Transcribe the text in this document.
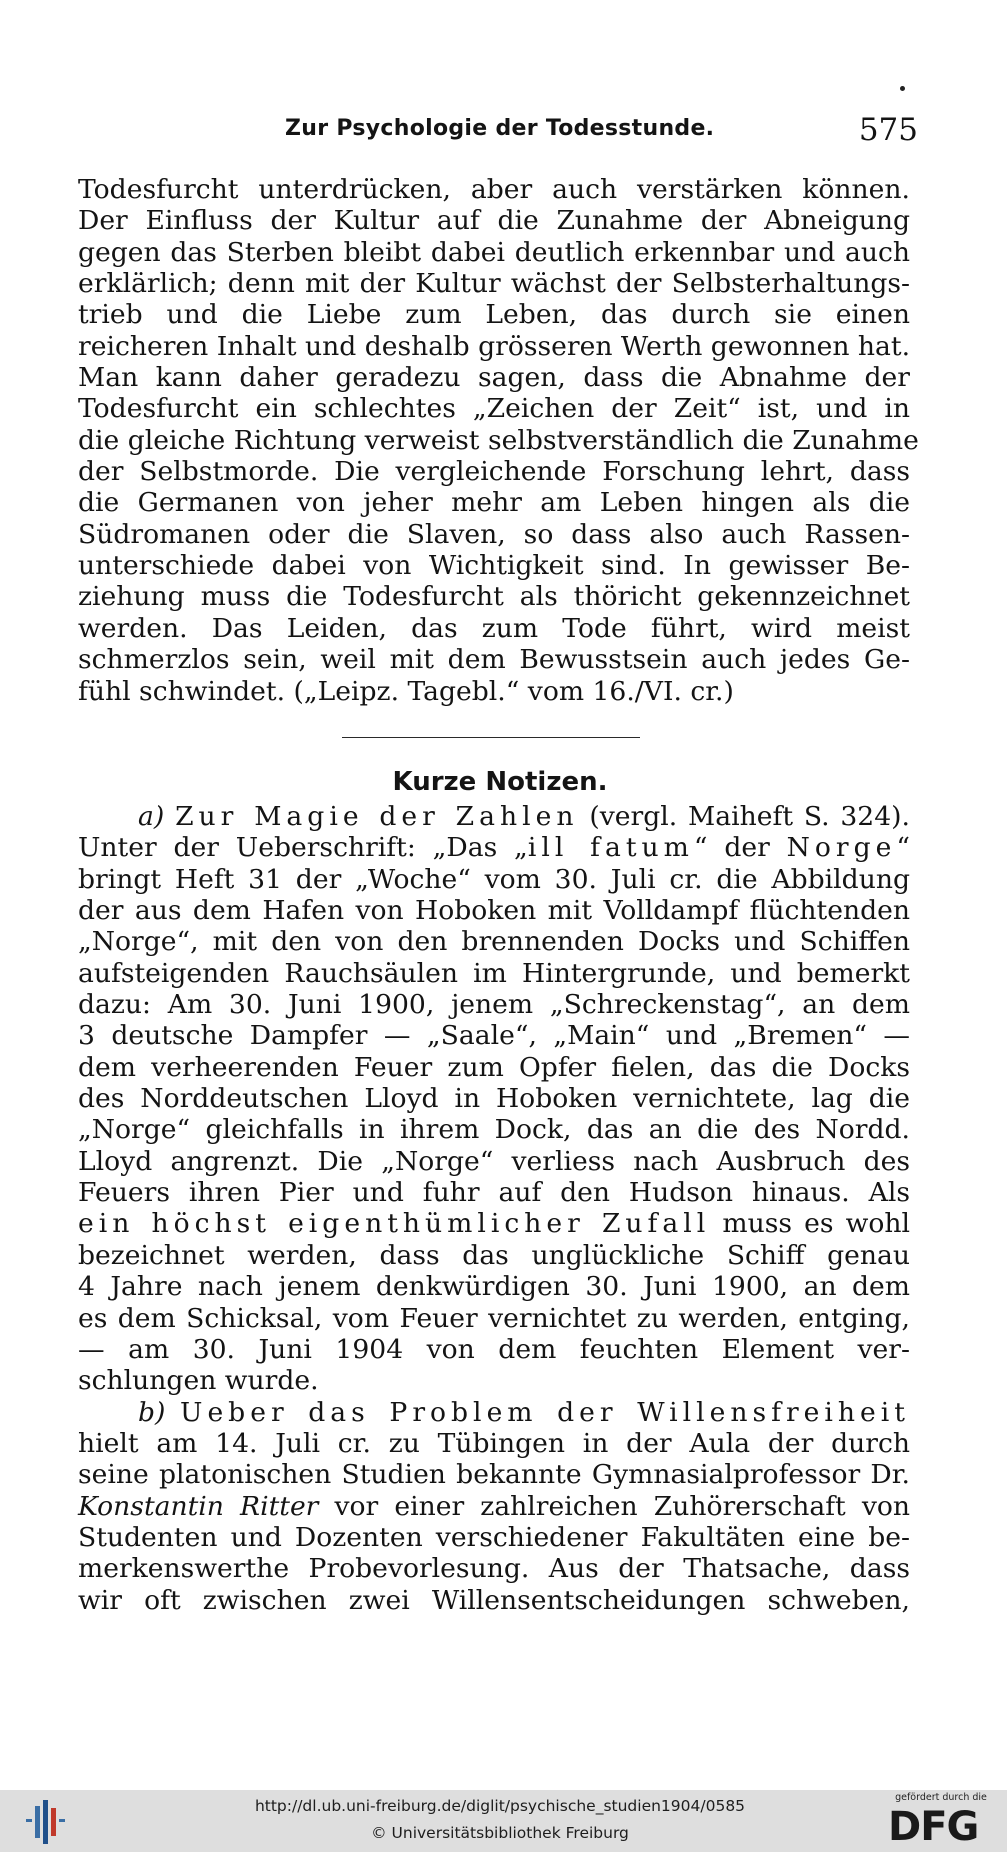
Zur Psychologie der Todesstunde.	575
Todesfurcht unterdrücken, aber auch verstärken können.
Der Einfluss der Kultur auf die Zunahme der Abneigung
gegen das Sterben bleibt dabei deutlich erkennbar und auch
erklärlich; denn mit der Kultur wächst der Selbsterhaltungs-
trieb und die Liebe zum Leben, das durch sie einen
reicheren Inhalt und deshalb grösseren Werth gewonnen hat.
Man kann daher geradezu sagen, dass die Abnahme der
Todesfurcht ein schlechtes „Zeichen der Zeit“ ist, und in
die gleiche Richtung verweist selbstverständlich die Zunahme
der Selbstmorde. Die vergleichende Forschung lehrt, dass
die Germanen von jeher mehr am Leben hingen als die
Südromanen oder die Slaven, so dass also auch Rassen-
unterschiede dabei von Wichtigkeit sind. In gewisser Be-
ziehung muss die Todesfurcht als thöricht gekennzeichnet
werden. Das Leiden, das zum Tode führt, wird meist
schmerzlos sein, weil mit dem Bewusstsein auch jedes Ge-
fühl schwindet. („Leipz. Tagebl.“ vom 16./VI. cr.)
Kurze Notizen.
a) Zur Magie der Zahlen (vergl. Maiheft S. 324).
Unter der Ueberschrift: „Das „ill fatum“ der Norge“
bringt Heft 31 der „Woche“ vom 30. Juli cr. die Abbildung
der aus dem Hafen von Hoboken mit Volldampf flüchtenden
„Norge“, mit den von den brennenden Docks und Schiffen
aufsteigenden Rauchsäulen im Hintergrunde, und bemerkt
dazu: Am 30. Juni 1900, jenem „Schreckenstag“, an dem
3 deutsche Dampfer — „Saale“, „Main“ und „Bremen“ —
dem verheerenden Feuer zum Opfer fielen, das die Docks
des Norddeutschen Lloyd in Hoboken vernichtete, lag die
„Norge“ gleichfalls in ihrem Dock, das an die des Nordd.
Lloyd angrenzt. Die „Norge“ verliess nach Ausbruch des
Feuers ihren Pier und fuhr auf den Hudson hinaus. Als
ein höchst eigenthümlicher Zufall muss es wohl
bezeichnet werden, dass das unglückliche Schiff genau
4 Jahre nach jenem denkwürdigen 30. Juni 1900, an dem
es dem Schicksal, vom Feuer vernichtet zu werden, entging,
— am 30. Juni 1904 von dem feuchten Element ver-
schlungen wurde.
b) Ueber das Problem der Willensfreiheit
hielt am 14. Juli cr. zu Tübingen in der Aula der durch
seine platonischen Studien bekannte Gymnasialprofessor Dr.
Konstantin Ritter vor einer zahlreichen Zuhörerschaft von
Studenten und Dozenten verschiedener Fakultäten eine be-
merkenswerthe Probevorlesung. Aus der Thatsache, dass
wir oft zwischen zwei Willensentscheidungen schweben,
http://dl.ub.uni-freiburg.de/diglit/psychische_studien1904/0585
© Universitätsbibliothek Freiburg
gefördert durch die
DFG
